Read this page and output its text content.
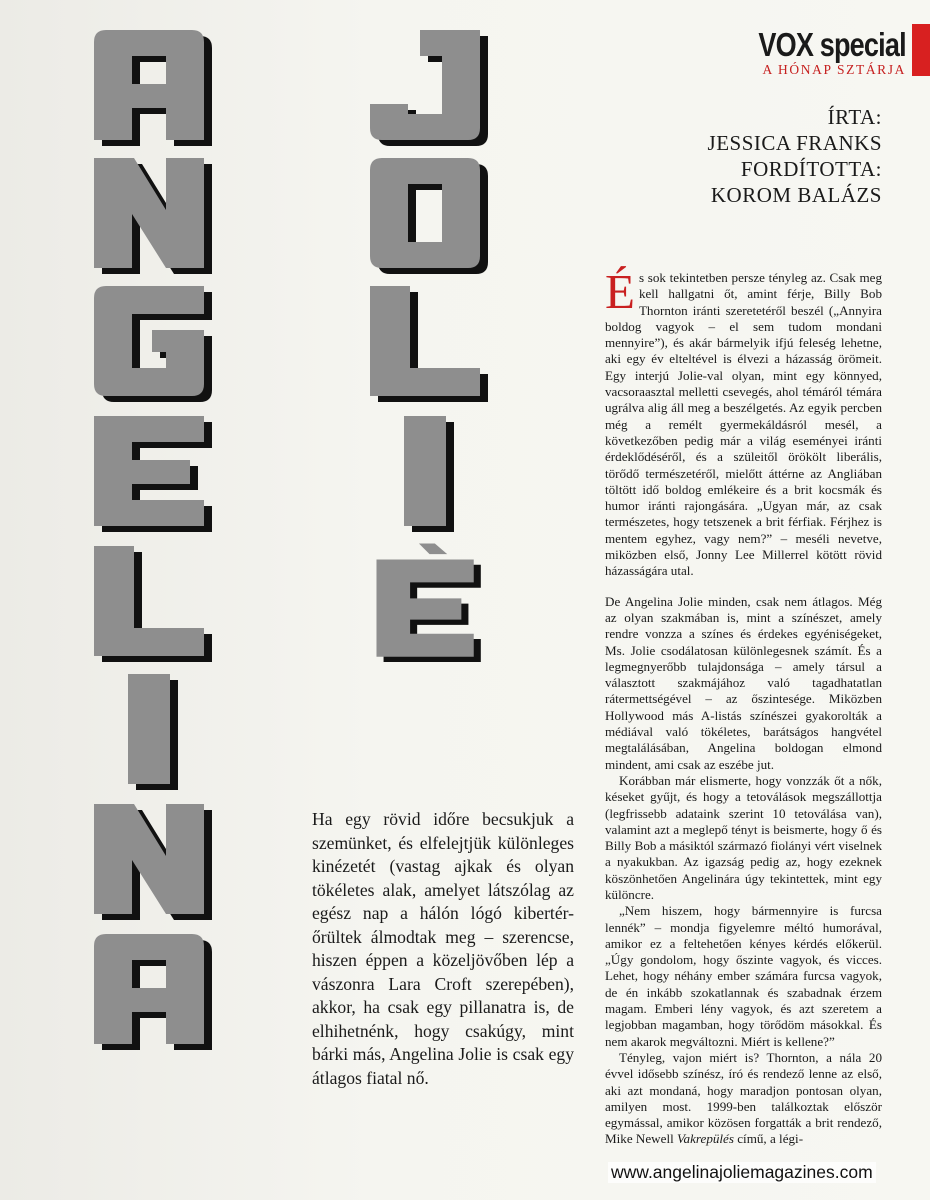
VOX special
A HÓNAP SZTÁRJA
ÍRTA:
JESSICA FRANKS
FORDÍTOTTA:
KOROM BALÁZS

És sok tekintetben persze tényleg az. Csak meg kell hallgatni őt, amint férje, Billy Bob Thornton iránti szeretetéről beszél („Annyira boldog vagyok – el sem tudom mondani mennyire”), és akár bármelyik ifjú feleség lehetne, aki egy év elteltével is élvezi a házasság örömeit. Egy interjú Jolie-val olyan, mint egy könnyed, vacsoraasztal melletti csevegés, ahol témáról témára ugrálva alig áll meg a beszélgetés. Az egyik percben még a remélt gyermekáldásról mesél, a következőben pedig már a világ eseményei iránti érdeklődéséről, és a szüleitől örökölt liberális, törődő természetéről, mielőtt áttérne az Angliában töltött idő boldog emlékeire és a brit kocsmák és humor iránti rajongására. „Ugyan már, az csak természetes, hogy tetszenek a brit férfiak. Férjhez is mentem egyhez, vagy nem?” – meséli nevetve, miközben első, Jonny Lee Millerrel kötött rövid házasságára utal.

De Angelina Jolie minden, csak nem átlagos. Még az olyan szakmában is, mint a színészet, amely rendre vonzza a színes és érdekes egyéniségeket, Ms. Jolie csodálatosan különlegesnek számít. És a legmegnyerőbb tulajdonsága – amely társul a választott szakmájához való tagadhatatlan rátermettségével – az őszintesége. Miközben Hollywood más A-listás színészei gyakorolták a médiával való tökéletes, barátságos hangvétel megtalálásában, Angelina boldogan elmond mindent, ami csak az eszébe jut.

Korábban már elismerte, hogy vonzzák őt a nők, késeket gyűjt, és hogy a tetoválások megszállottja (legfrissebb adataink szerint 10 tetoválása van), valamint azt a meglepő tényt is beismerte, hogy ő és Billy Bob a másiktól származó fiolányi vért viselnek a nyakukban. Az igazság pedig az, hogy ezeknek köszönhetően Angelinára úgy tekintettek, mint egy különcre.

„Nem hiszem, hogy bármennyire is furcsa lennék” – mondja figyelemre méltó humorával, amikor ez a feltehetően kényes kérdés előkerül. „Úgy gondolom, hogy őszinte vagyok, és vicces. Lehet, hogy néhány ember számára furcsa vagyok, de én inkább szokatlannak és szabadnak érzem magam. Emberi lény vagyok, és azt szeretem a legjobban magamban, hogy törődöm másokkal. És nem akarok megváltozni. Miért is kellene?”

Tényleg, vajon miért is? Thornton, a nála 20 évvel idősebb színész, író és rendező lenne az első, aki azt mondaná, hogy maradjon pontosan olyan, amilyen most. 1999-ben találkoztak először egymással, amikor közösen forgatták a brit rendező, Mike Newell Vakrepülés című, a légi-

Ha egy rövid időre becsukjuk a szemünket, és elfelejtjük különleges kinézetét (vastag ajkak és olyan tökéletes alak, amelyet látszólag az egész nap a hálón lógó kibertér-őrültek álmodtak meg – szerencse, hiszen éppen a közeljövőben lép a vászonra Lara Croft szerepében), akkor, ha csak egy pillanatra is, de elhihetnénk, hogy csakúgy, mint bárki más, Angelina Jolie is csak egy átlagos fiatal nő.

www.angelinajoliemagazines.com
